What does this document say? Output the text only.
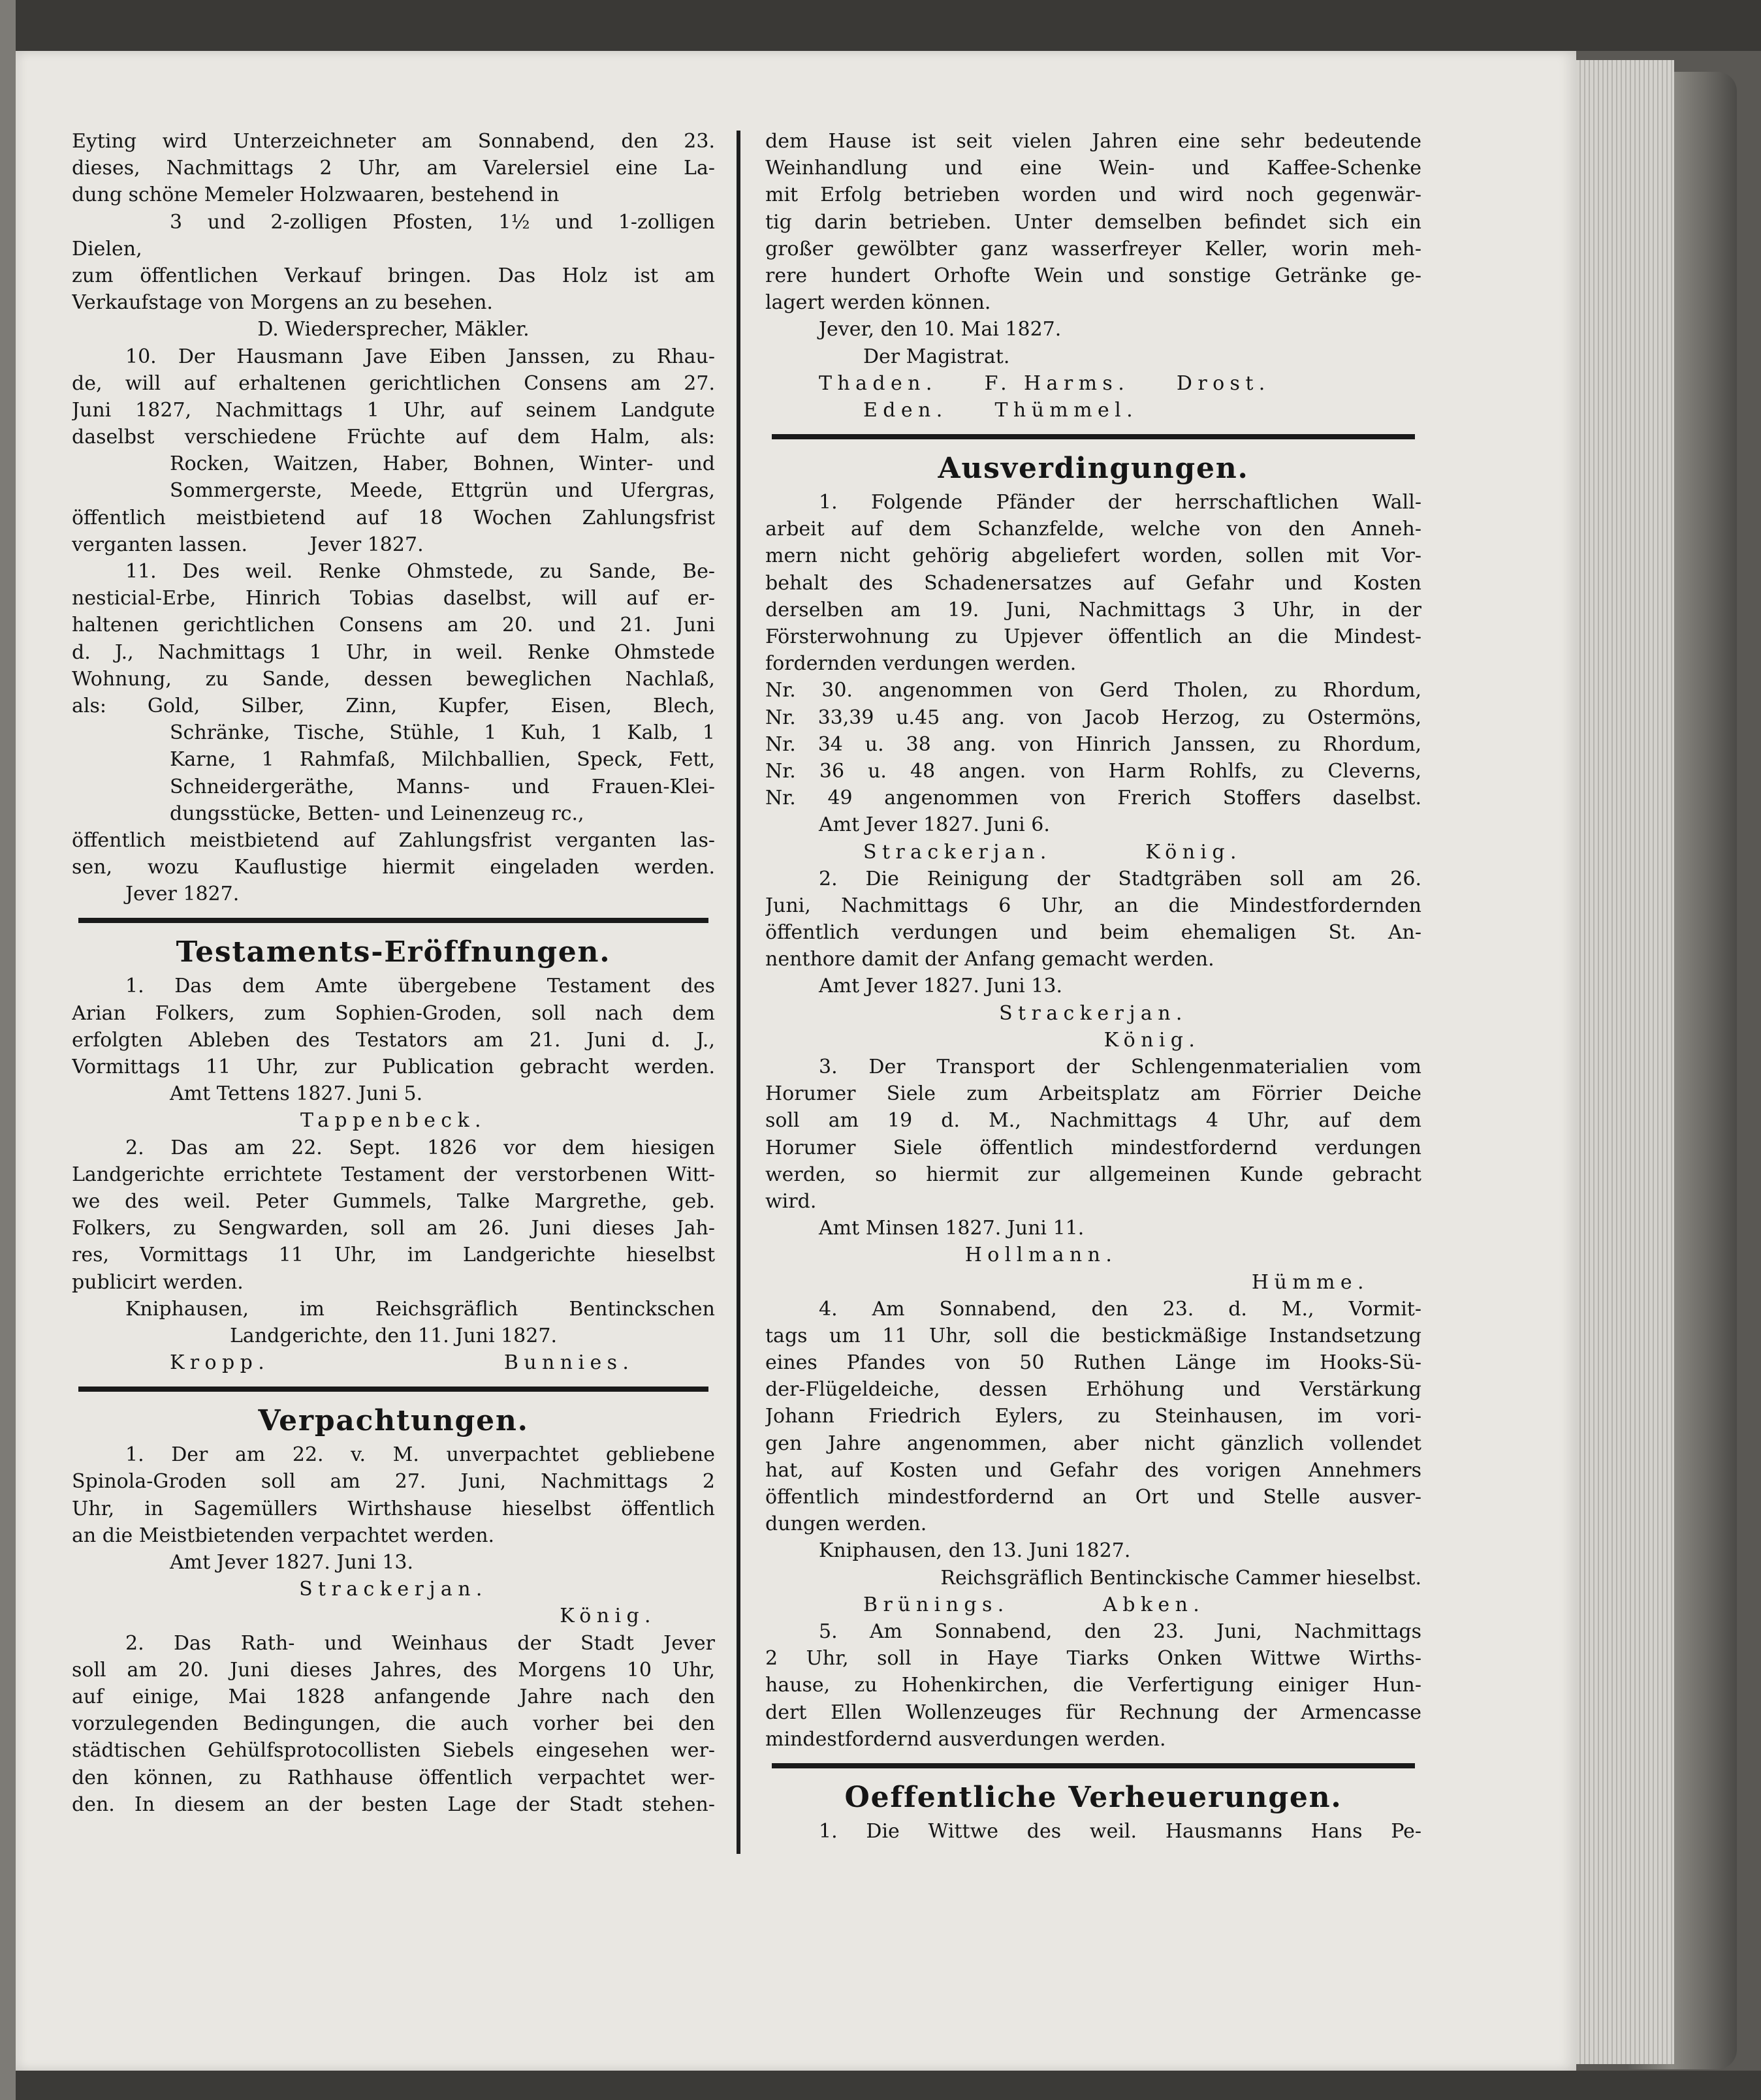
Eyting wird Unterzeichneter am Sonnabend, den 23.
dieses, Nachmittags 2 Uhr, am Varelersiel eine La-
dung schöne Memeler Holzwaaren, bestehend in
3 und 2-zolligen Pfosten, 1½ und 1-zolligen
Dielen,
zum öffentlichen Verkauf bringen. Das Holz ist am
Verkaufstage von Morgens an zu besehen.
D. Wiedersprecher, Mäkler.
10. Der Hausmann Jave Eiben Janssen, zu Rhau-
de, will auf erhaltenen gerichtlichen Consens am 27.
Juni 1827, Nachmittags 1 Uhr, auf seinem Landgute
daselbst verschiedene Früchte auf dem Halm, als:
Rocken, Waitzen, Haber, Bohnen, Winter- und
Sommergerste, Meede, Ettgrün und Ufergras,
öffentlich meistbietend auf 18 Wochen Zahlungsfrist
verganten lassen.          Jever 1827.
11. Des weil. Renke Ohmstede, zu Sande, Be-
nesticial-Erbe, Hinrich Tobias daselbst, will auf er-
haltenen gerichtlichen Consens am 20. und 21. Juni
d. J., Nachmittags 1 Uhr, in weil. Renke Ohmstede
Wohnung, zu Sande, dessen beweglichen Nachlaß,
als: Gold, Silber, Zinn, Kupfer, Eisen, Blech,
Schränke, Tische, Stühle, 1 Kuh, 1 Kalb, 1
Karne, 1 Rahmfaß, Milchballien, Speck, Fett,
Schneidergeräthe, Manns- und Frauen-Klei-
dungsstücke, Betten- und Leinenzeug rc.,
öffentlich meistbietend auf Zahlungsfrist verganten las-
sen, wozu Kauflustige hiermit eingeladen werden.
Jever 1827.
Testaments-Eröffnungen.
1. Das dem Amte übergebene Testament des
Arian Folkers, zum Sophien-Groden, soll nach dem
erfolgten Ableben des Testators am 21. Juni d. J.,
Vormittags 11 Uhr, zur Publication gebracht werden.
Amt Tettens 1827. Juni 5.
Tappenbeck.
2. Das am 22. Sept. 1826 vor dem hiesigen
Landgerichte errichtete Testament der verstorbenen Witt-
we des weil. Peter Gummels, Talke Margrethe, geb.
Folkers, zu Sengwarden, soll am 26. Juni dieses Jah-
res, Vormittags 11 Uhr, im Landgerichte hieselbst
publicirt werden.
Kniphausen, im Reichsgräflich Bentinckschen
Landgerichte, den 11. Juni 1827.
Kropp.                    Bunnies.
Verpachtungen.
1. Der am 22. v. M. unverpachtet gebliebene
Spinola-Groden soll am 27. Juni, Nachmittags 2
Uhr, in Sagemüllers Wirthshause hieselbst öffentlich
an die Meistbietenden verpachtet werden.
Amt Jever 1827. Juni 13.
Strackerjan.
König.
2. Das Rath- und Weinhaus der Stadt Jever
soll am 20. Juni dieses Jahres, des Morgens 10 Uhr,
auf einige, Mai 1828 anfangende Jahre nach den
vorzulegenden Bedingungen, die auch vorher bei den
städtischen Gehülfsprotocollisten Siebels eingesehen wer-
den können, zu Rathhause öffentlich verpachtet wer-
den. In diesem an der besten Lage der Stadt stehen-
dem Hause ist seit vielen Jahren eine sehr bedeutende
Weinhandlung und eine Wein- und Kaffee-Schenke
mit Erfolg betrieben worden und wird noch gegenwär-
tig darin betrieben. Unter demselben befindet sich ein
großer gewölbter ganz wasserfreyer Keller, worin meh-
rere hundert Orhofte Wein und sonstige Getränke ge-
lagert werden können.
Jever, den 10. Mai 1827.
Der Magistrat.
Thaden.    F. Harms.    Drost.
Eden.    Thümmel.
Ausverdingungen.
1. Folgende Pfänder der herrschaftlichen Wall-
arbeit auf dem Schanzfelde, welche von den Anneh-
mern nicht gehörig abgeliefert worden, sollen mit Vor-
behalt des Schadenersatzes auf Gefahr und Kosten
derselben am 19. Juni, Nachmittags 3 Uhr, in der
Försterwohnung zu Upjever öffentlich an die Mindest-
fordernden verdungen werden.
Nr. 30. angenommen von Gerd Tholen, zu Rhordum,
Nr. 33,39 u.45 ang. von Jacob Herzog, zu Ostermöns,
Nr. 34 u. 38 ang. von Hinrich Janssen, zu Rhordum,
Nr. 36 u. 48 angen. von Harm Rohlfs, zu Cleverns,
Nr. 49 angenommen von Frerich Stoffers daselbst.
Amt Jever 1827. Juni 6.
Strackerjan.        König.
2. Die Reinigung der Stadtgräben soll am 26.
Juni, Nachmittags 6 Uhr, an die Mindestfordernden
öffentlich verdungen und beim ehemaligen St. An-
nenthore damit der Anfang gemacht werden.
Amt Jever 1827. Juni 13.
Strackerjan.
König.
3. Der Transport der Schlengenmaterialien vom
Horumer Siele zum Arbeitsplatz am Förrier Deiche
soll am 19 d. M., Nachmittags 4 Uhr, auf dem
Horumer Siele öffentlich mindestfordernd verdungen
werden, so hiermit zur allgemeinen Kunde gebracht
wird.
Amt Minsen 1827. Juni 11.
Hollmann.
Hümme.
4. Am Sonnabend, den 23. d. M., Vormit-
tags um 11 Uhr, soll die bestickmäßige Instandsetzung
eines Pfandes von 50 Ruthen Länge im Hooks-Sü-
der-Flügeldeiche, dessen Erhöhung und Verstärkung
Johann Friedrich Eylers, zu Steinhausen, im vori-
gen Jahre angenommen, aber nicht gänzlich vollendet
hat, auf Kosten und Gefahr des vorigen Annehmers
öffentlich mindestfordernd an Ort und Stelle ausver-
dungen werden.
Kniphausen, den 13. Juni 1827.
Reichsgräflich Bentinckische Cammer hieselbst.
Brünings.        Abken.
5. Am Sonnabend, den 23. Juni, Nachmittags
2 Uhr, soll in Haye Tiarks Onken Wittwe Wirths-
hause, zu Hohenkirchen, die Verfertigung einiger Hun-
dert Ellen Wollenzeuges für Rechnung der Armencasse
mindestfordernd ausverdungen werden.
Oeffentliche Verheuerungen.
1. Die Wittwe des weil. Hausmanns Hans Pe-
